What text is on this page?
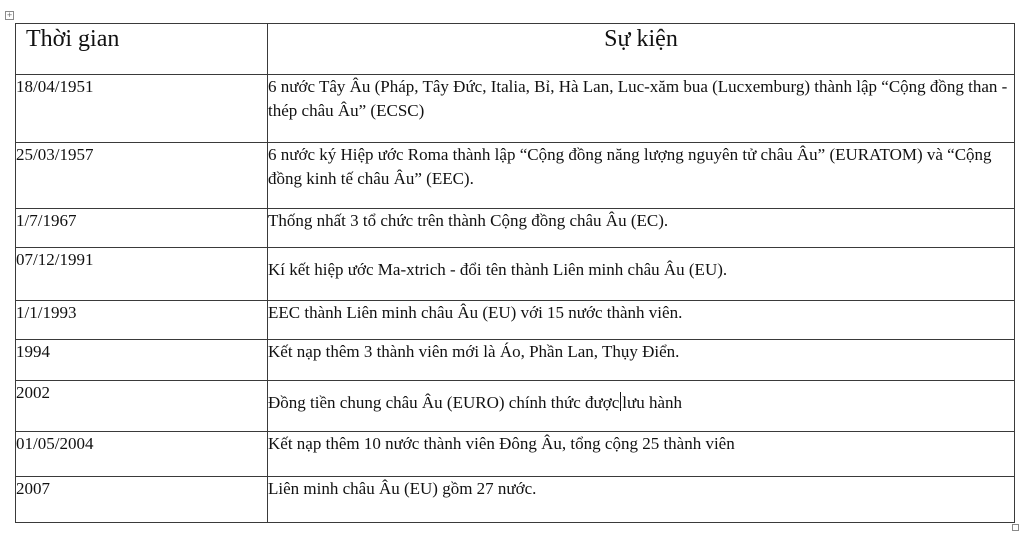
+
Thời gian	Sự kiện
18/04/1951	6 nước Tây Âu (Pháp, Tây Đức, Italia, Bỉ, Hà Lan, Luc-xăm bua (Lucxemburg) thành lập “Cộng đồng than - thép châu Âu” (ECSC)
25/03/1957	6 nước ký Hiệp ước Roma thành lập “Cộng đồng năng lượng nguyên tử châu Âu” (EURATOM) và “Cộng đồng kinh tế châu Âu” (EEC).
1/7/1967	Thống nhất 3 tổ chức trên thành Cộng đồng châu Âu (EC).
07/12/1991	Kí kết hiệp ước Ma-xtrich - đổi tên thành Liên minh châu Âu (EU).
1/1/1993	EEC thành Liên minh châu Âu (EU) với 15 nước thành viên.
1994	Kết nạp thêm 3 thành viên mới là Áo, Phần Lan, Thụy Điển.
2002	Đồng tiền chung châu Âu (EURO) chính thức được lưu hành
01/05/2004	Kết nạp thêm 10 nước thành viên Đông Âu, tổng cộng 25 thành viên
2007	Liên minh châu Âu (EU) gồm 27 nước.
